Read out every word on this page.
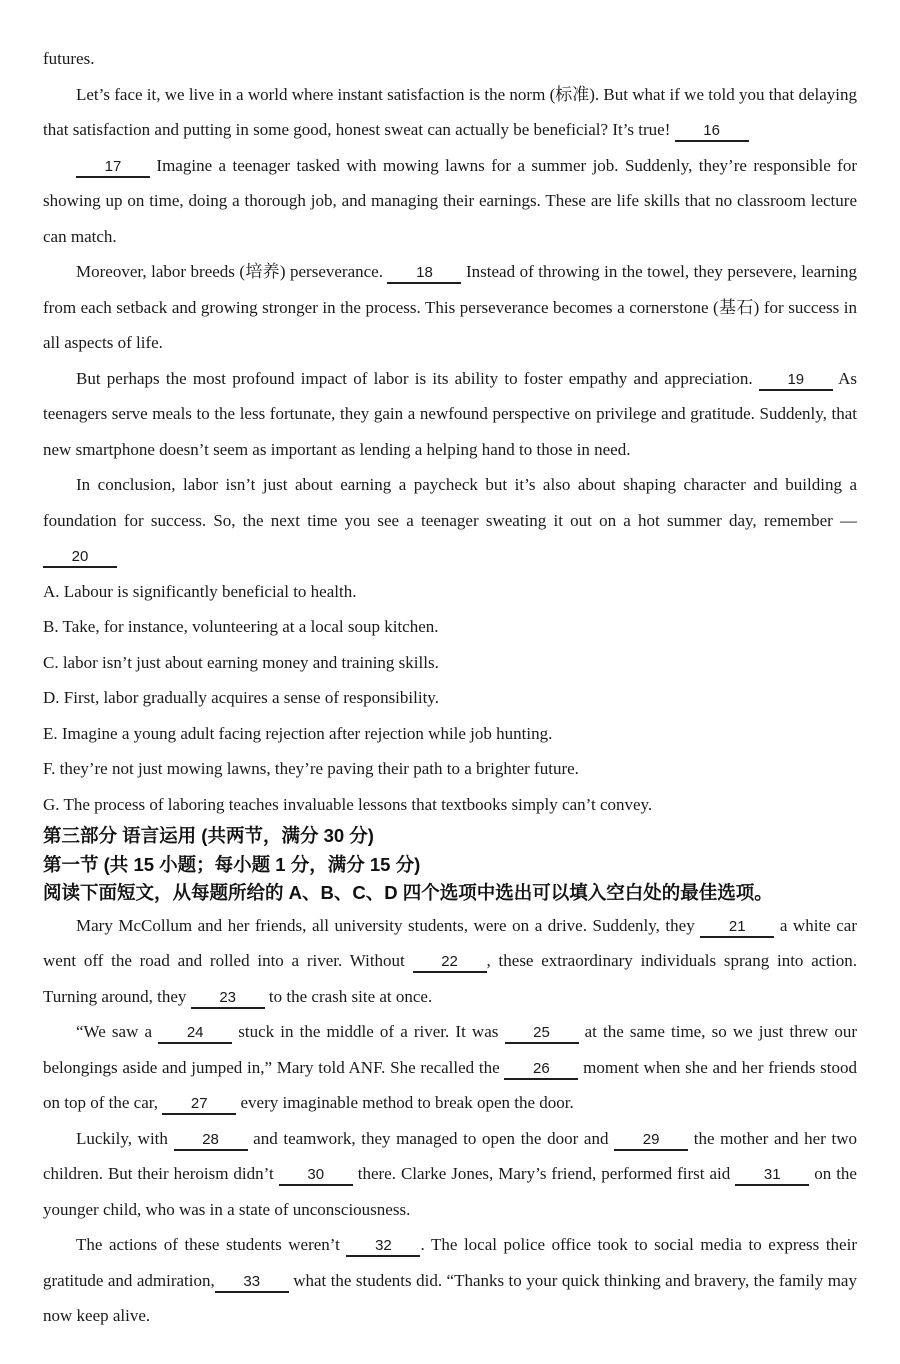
futures.

Let’s face it, we live in a world where instant satisfaction is the norm (标准). But what if we told you that delaying that satisfaction and putting in some good, honest sweat can actually be beneficial? It’s true! 16

17 Imagine a teenager tasked with mowing lawns for a summer job. Suddenly, they’re responsible for showing up on time, doing a thorough job, and managing their earnings. These are life skills that no classroom lecture can match.

Moreover, labor breeds (培养) perseverance. 18 Instead of throwing in the towel, they persevere, learning from each setback and growing stronger in the process. This perseverance becomes a cornerstone (基石) for success in all aspects of life.

But perhaps the most profound impact of labor is its ability to foster empathy and appreciation. 19 As teenagers serve meals to the less fortunate, they gain a newfound perspective on privilege and gratitude. Suddenly, that new smartphone doesn’t seem as important as lending a helping hand to those in need.

In conclusion, labor isn’t just about earning a paycheck but it’s also about shaping character and building a foundation for success. So, the next time you see a teenager sweating it out on a hot summer day, remember — 20

A. Labour is significantly beneficial to health.

B. Take, for instance, volunteering at a local soup kitchen.

C. labor isn’t just about earning money and training skills.

D. First, labor gradually acquires a sense of responsibility.

E. Imagine a young adult facing rejection after rejection while job hunting.

F. they’re not just mowing lawns, they’re paving their path to a brighter future.

G. The process of laboring teaches invaluable lessons that textbooks simply can’t convey.

第三部分 语言运用 (共两节，满分 30 分)

第一节 (共 15 小题；每小题 1 分，满分 15 分)

阅读下面短文，从每题所给的 A、B、C、D 四个选项中选出可以填入空白处的最佳选项。

Mary McCollum and her friends, all university students, were on a drive. Suddenly, they 21 a white car went off the road and rolled into a river. Without 22 , these extraordinary individuals sprang into action. Turning around, they 23 to the crash site at once.

“We saw a 24 stuck in the middle of a river. It was 25 at the same time, so we just threw our belongings aside and jumped in,” Mary told ANF. She recalled the 26 moment when she and her friends stood on top of the car, 27 every imaginable method to break open the door.

Luckily, with 28 and teamwork, they managed to open the door and 29 the mother and her two children. But their heroism didn’t 30 there. Clarke Jones, Mary’s friend, performed first aid 31 on the younger child, who was in a state of unconsciousness.

The actions of these students weren’t 32 . The local police office took to social media to express their gratitude and admiration, 33 what the students did. “Thanks to your quick thinking and bravery, the family may now keep alive.
